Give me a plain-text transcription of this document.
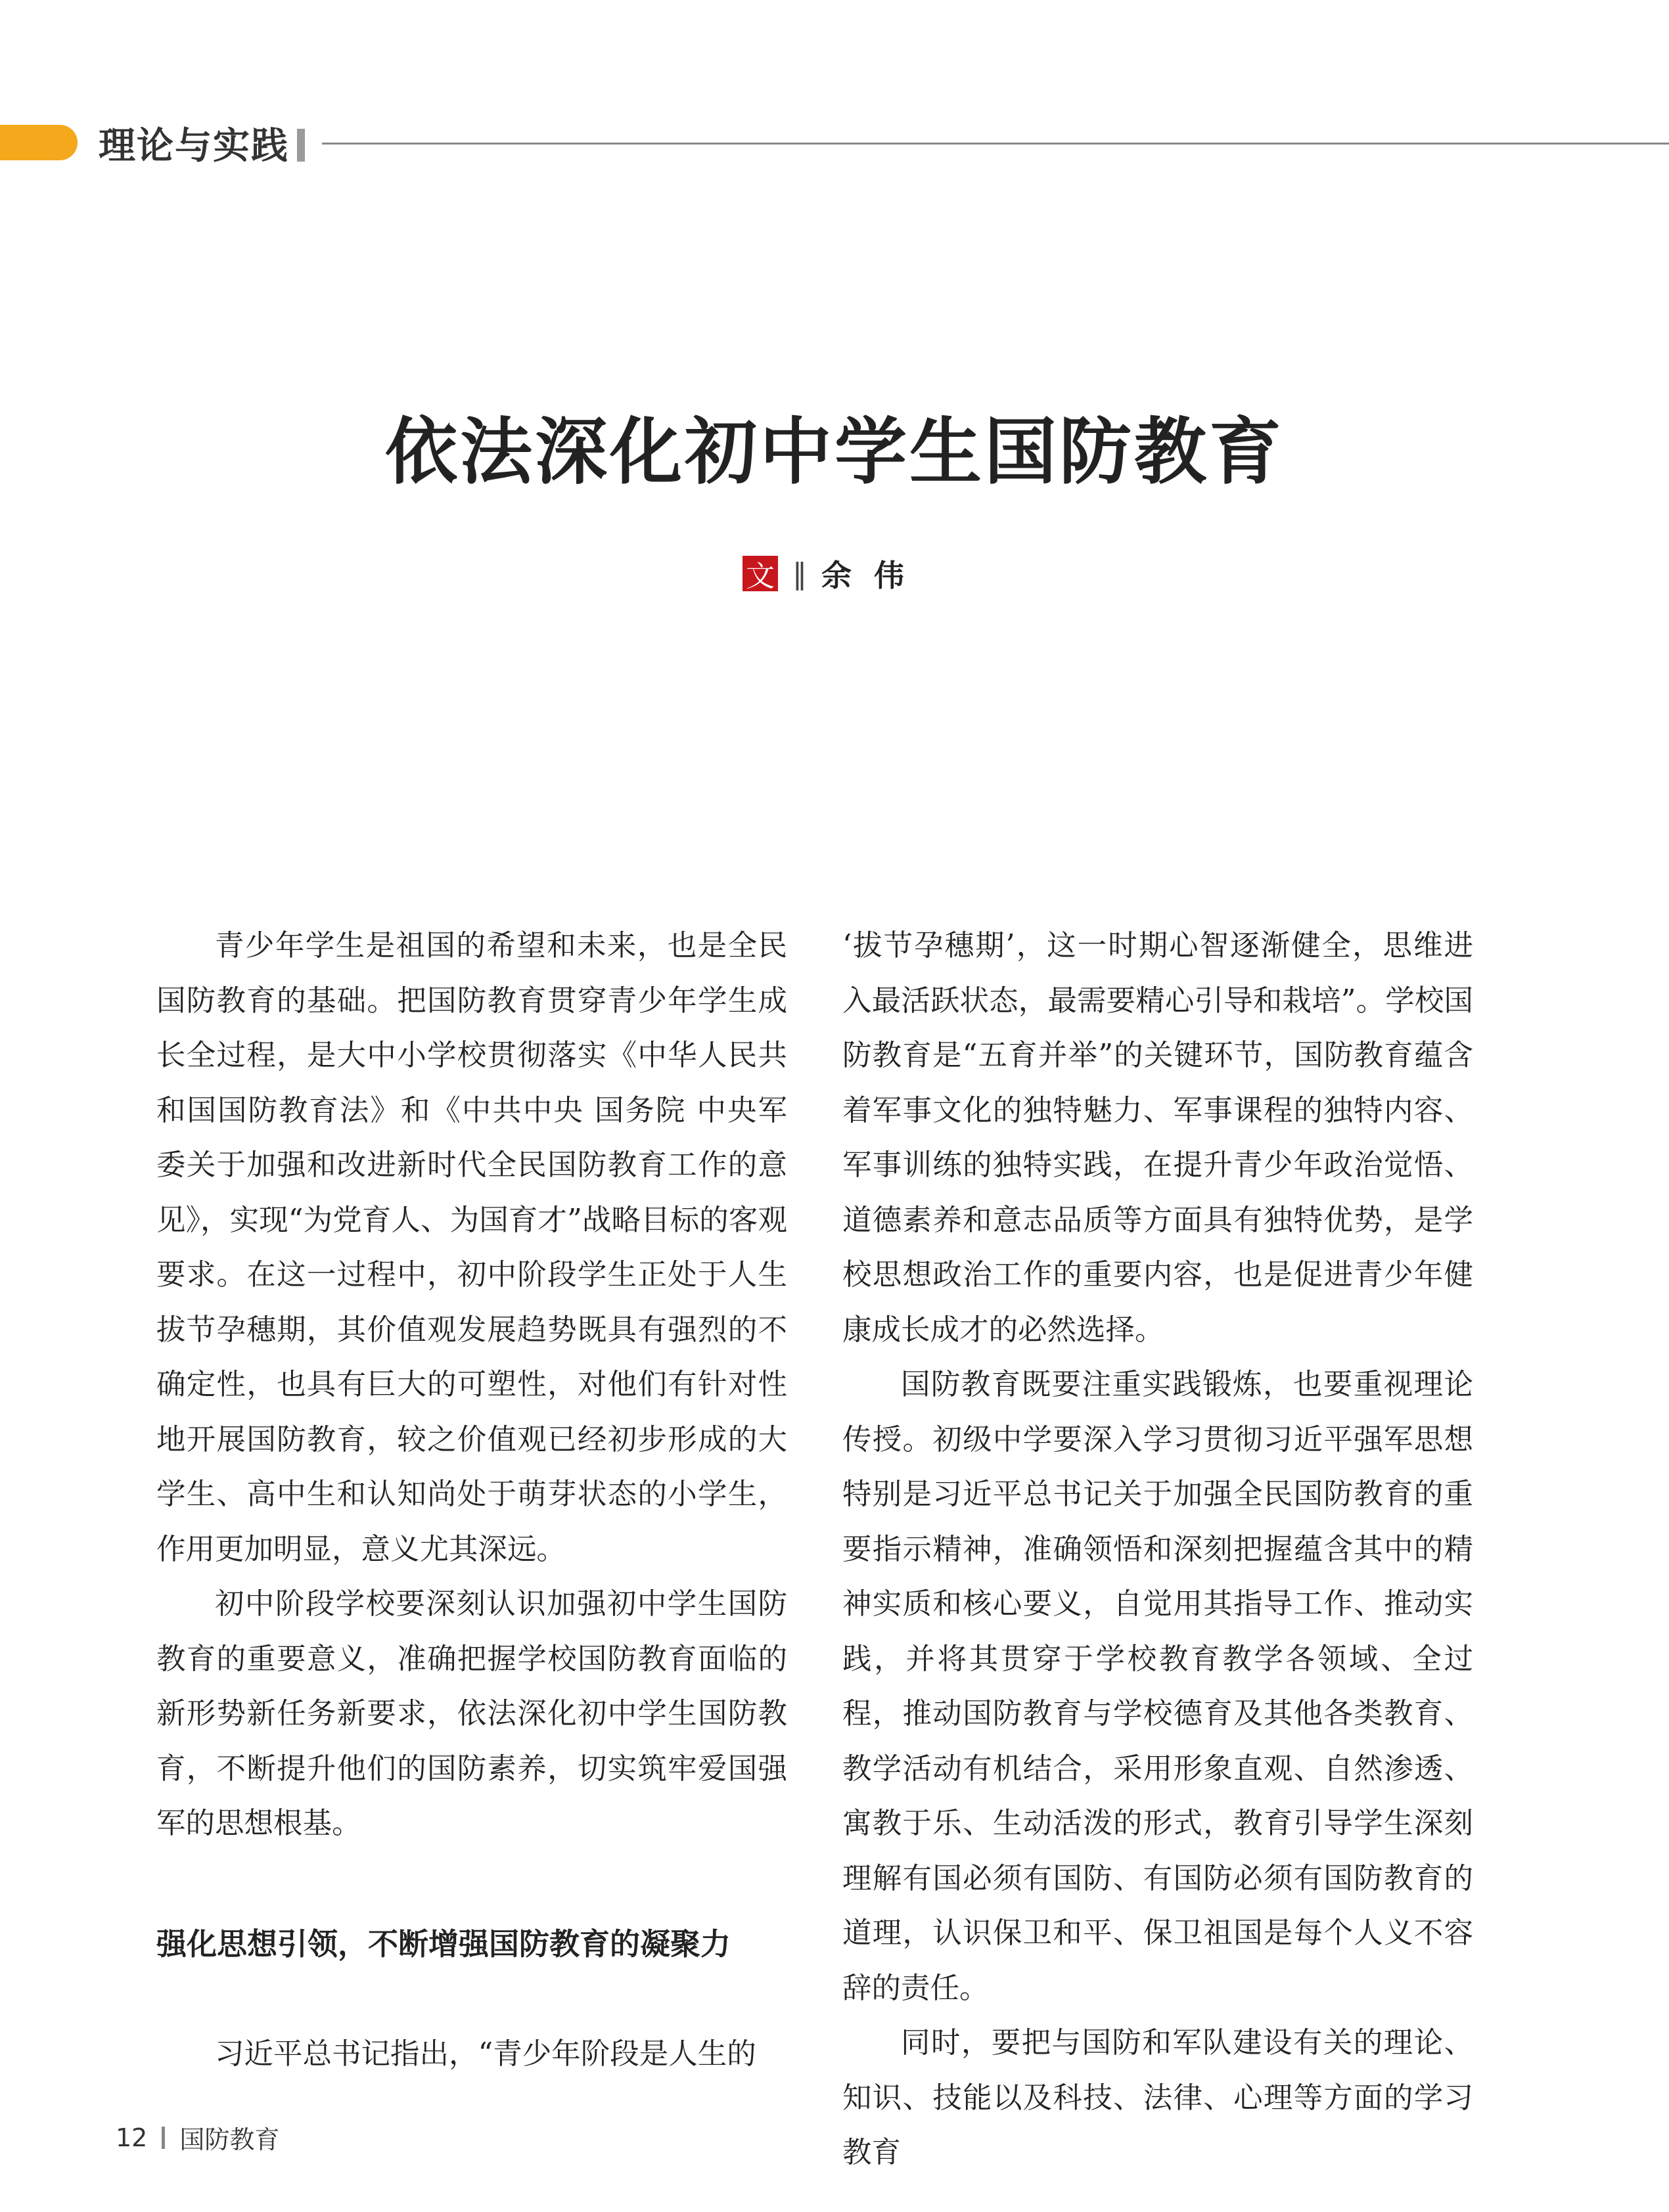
理论与实践
依法深化初中学生国防教育
文 ‖ 余伟

青少年学生是祖国的希望和未来，也是全民国防教育的基础。把国防教育贯穿青少年学生成长全过程，是大中小学校贯彻落实《中华人民共和国国防教育法》和《中共中央 国务院 中央军委关于加强和改进新时代全民国防教育工作的意见》，实现“为党育人、为国育才”战略目标的客观要求。在这一过程中，初中阶段学生正处于人生拔节孕穗期，其价值观发展趋势既具有强烈的不确定性，也具有巨大的可塑性，对他们有针对性地开展国防教育，较之价值观已经初步形成的大学生、高中生和认知尚处于萌芽状态的小学生，作用更加明显，意义尤其深远。

初中阶段学校要深刻认识加强初中学生国防教育的重要意义，准确把握学校国防教育面临的新形势新任务新要求，依法深化初中学生国防教育，不断提升他们的国防素养，切实筑牢爱国强军的思想根基。

强化思想引领，不断增强国防教育的凝聚力

习近平总书记指出，“青少年阶段是人生的

‘拔节孕穗期’，这一时期心智逐渐健全，思维进入最活跃状态，最需要精心引导和栽培”。学校国防教育是“五育并举”的关键环节，国防教育蕴含着军事文化的独特魅力、军事课程的独特内容、军事训练的独特实践，在提升青少年政治觉悟、道德素养和意志品质等方面具有独特优势，是学校思想政治工作的重要内容，也是促进青少年健康成长成才的必然选择。

国防教育既要注重实践锻炼，也要重视理论传授。初级中学要深入学习贯彻习近平强军思想特别是习近平总书记关于加强全民国防教育的重要指示精神，准确领悟和深刻把握蕴含其中的精神实质和核心要义，自觉用其指导工作、推动实践，并将其贯穿于学校教育教学各领域、全过程，推动国防教育与学校德育及其他各类教育、教学活动有机结合，采用形象直观、自然渗透、寓教于乐、生动活泼的形式，教育引导学生深刻理解有国必须有国防、有国防必须有国防教育的道理，认识保卫和平、保卫祖国是每个人义不容辞的责任。

同时，要把与国防和军队建设有关的理论、知识、技能以及科技、法律、心理等方面的学习教育

12 国防教育
